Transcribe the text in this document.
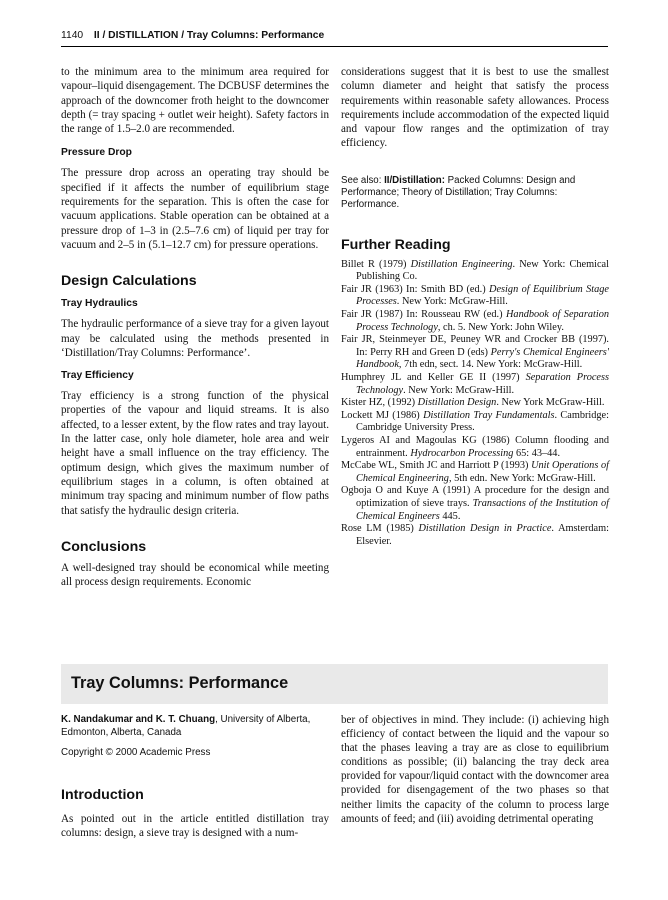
1140 II / DISTILLATION / Tray Columns: Performance

to the minimum area to the minimum area required for vapour–liquid disengagement. The DCBUSF determines the approach of the downcomer froth height to the downcomer depth (= tray spacing + outlet weir height). Safety factors in the range of 1.5–2.0 are recommended.

Pressure Drop

The pressure drop across an operating tray should be specified if it affects the number of equilibrium stage requirements for the separation. This is often the case for vacuum applications. Stable operation can be obtained at a pressure drop of 1–3 in (2.5–7.6 cm) of liquid per tray for vacuum and 2–5 in (5.1–12.7 cm) for pressure operations.

Design Calculations
Tray Hydraulics

The hydraulic performance of a sieve tray for a given layout may be calculated using the methods presented in ‘Distillation/Tray Columns: Performance’.

Tray Efficiency

Tray efficiency is a strong function of the physical properties of the vapour and liquid streams. It is also affected, to a lesser extent, by the flow rates and tray layout. In the latter case, only hole diameter, hole area and weir height have a small influence on the tray efficiency. The optimum design, which gives the maximum number of equilibrium stages in a column, is often obtained at minimum tray spacing and minimum number of flow paths that satisfy the hydraulic design criteria.

Conclusions

A well-designed tray should be economical while meeting all process design requirements. Economic

considerations suggest that it is best to use the smallest column diameter and height that satisfy the process requirements within reasonable safety allowances. Process requirements include accommodation of the expected liquid and vapour flow ranges and the optimization of tray efficiency.

See also: II/Distillation: Packed Columns: Design and Performance; Theory of Distillation; Tray Columns: Performance.

Further Reading

Billet R (1979) Distillation Engineering. New York: Chemical Publishing Co.

Fair JR (1963) In: Smith BD (ed.) Design of Equilibrium Stage Processes. New York: McGraw-Hill.

Fair JR (1987) In: Rousseau RW (ed.) Handbook of Separation Process Technology, ch. 5. New York: John Wiley.

Fair JR, Steinmeyer DE, Peuney WR and Crocker BB (1997). In: Perry RH and Green D (eds) Perry's Chemical Engineers' Handbook, 7th edn, sect. 14. New York: McGraw-Hill.

Humphrey JL and Keller GE II (1997) Separation Process Technology. New York: McGraw-Hill.

Kister HZ, (1992) Distillation Design. New York McGraw-Hill.

Lockett MJ (1986) Distillation Tray Fundamentals. Cambridge: Cambridge University Press.

Lygeros AI and Magoulas KG (1986) Column flooding and entrainment. Hydrocarbon Processing 65: 43–44.

McCabe WL, Smith JC and Harriott P (1993) Unit Operations of Chemical Engineering, 5th edn. New York: McGraw-Hill.

Ogboja O and Kuye A (1991) A procedure for the design and optimization of sieve trays. Transactions of the Institution of Chemical Engineers 445.

Rose LM (1985) Distillation Design in Practice. Amsterdam: Elsevier.

Tray Columns: Performance
K. Nandakumar and K. T. Chuang, University of Alberta, Edmonton, Alberta, Canada
Copyright © 2000 Academic Press
Introduction

As pointed out in the article entitled distillation tray columns: design, a sieve tray is designed with a num-

ber of objectives in mind. They include: (i) achieving high efficiency of contact between the liquid and the vapour so that the phases leaving a tray are as close to equilibrium conditions as possible; (ii) balancing the tray deck area provided for vapour/liquid contact with the downcomer area provided for disengagement of the two phases so that neither limits the capacity of the column to process large amounts of feed; and (iii) avoiding detrimental operating
